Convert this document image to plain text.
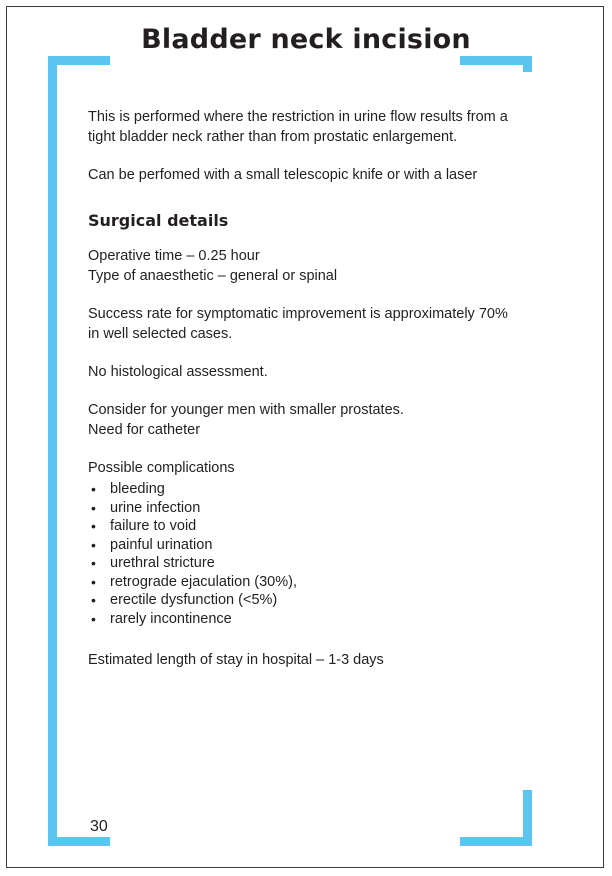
Bladder neck incision

This is performed where the restriction in urine flow results from a tight bladder neck rather than from prostatic enlargement.

Can be perfomed with a small telescopic knife or with a laser

Surgical details
Operative time – 0.25 hour
Type of anaesthetic – general or spinal

Success rate for symptomatic improvement is approximately 70% in well selected cases.

No histological assessment.

Consider for younger men with smaller prostates.
Need for catheter
Possible complications
• bleeding
• urine infection
• failure to void
• painful urination
• urethral stricture
• retrograde ejaculation (30%),
• erectile dysfunction (<5%)
• rarely incontinence

Estimated length of stay in hospital – 1-3 days

30
